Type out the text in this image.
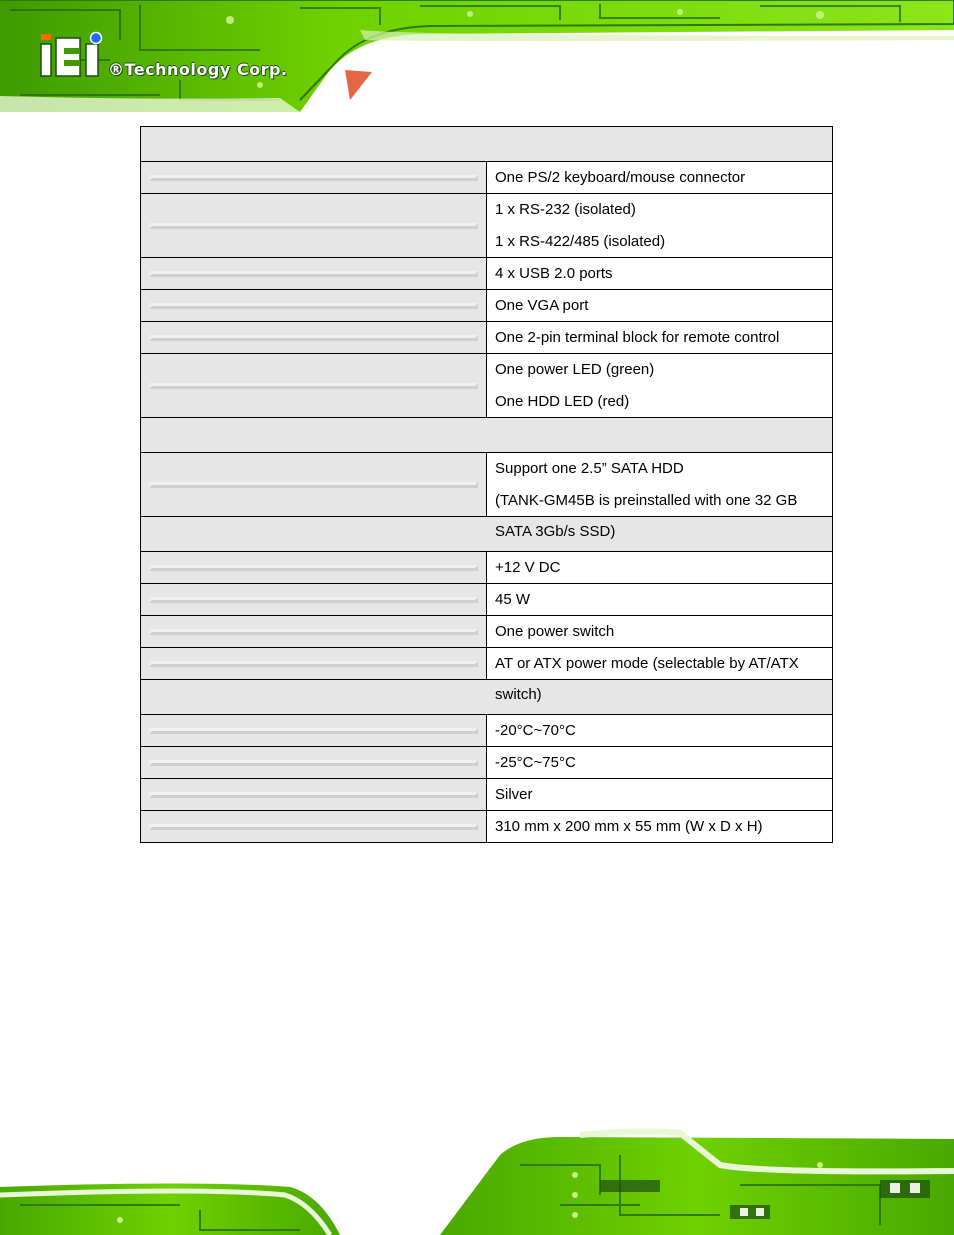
®Technology Corp.

	One PS/2 keyboard/mouse connector

	1 x RS-232 (isolated)
1 x RS-422/485 (isolated)

	4 x USB 2.0 ports

	One VGA port

	One 2-pin terminal block for remote control

	One power LED (green)
One HDD LED (red)

	Support one 2.5” SATA HDD
(TANK-GM45B is preinstalled with one 32 GB SATA 3Gb/s SSD)

	+12 V DC

	45 W

	One power switch

	AT or ATX power mode (selectable by AT/ATX switch)

	-20°C~70°C

	-25°C~75°C

	Silver

	310 mm x 200 mm x 55 mm (W x D x H)
